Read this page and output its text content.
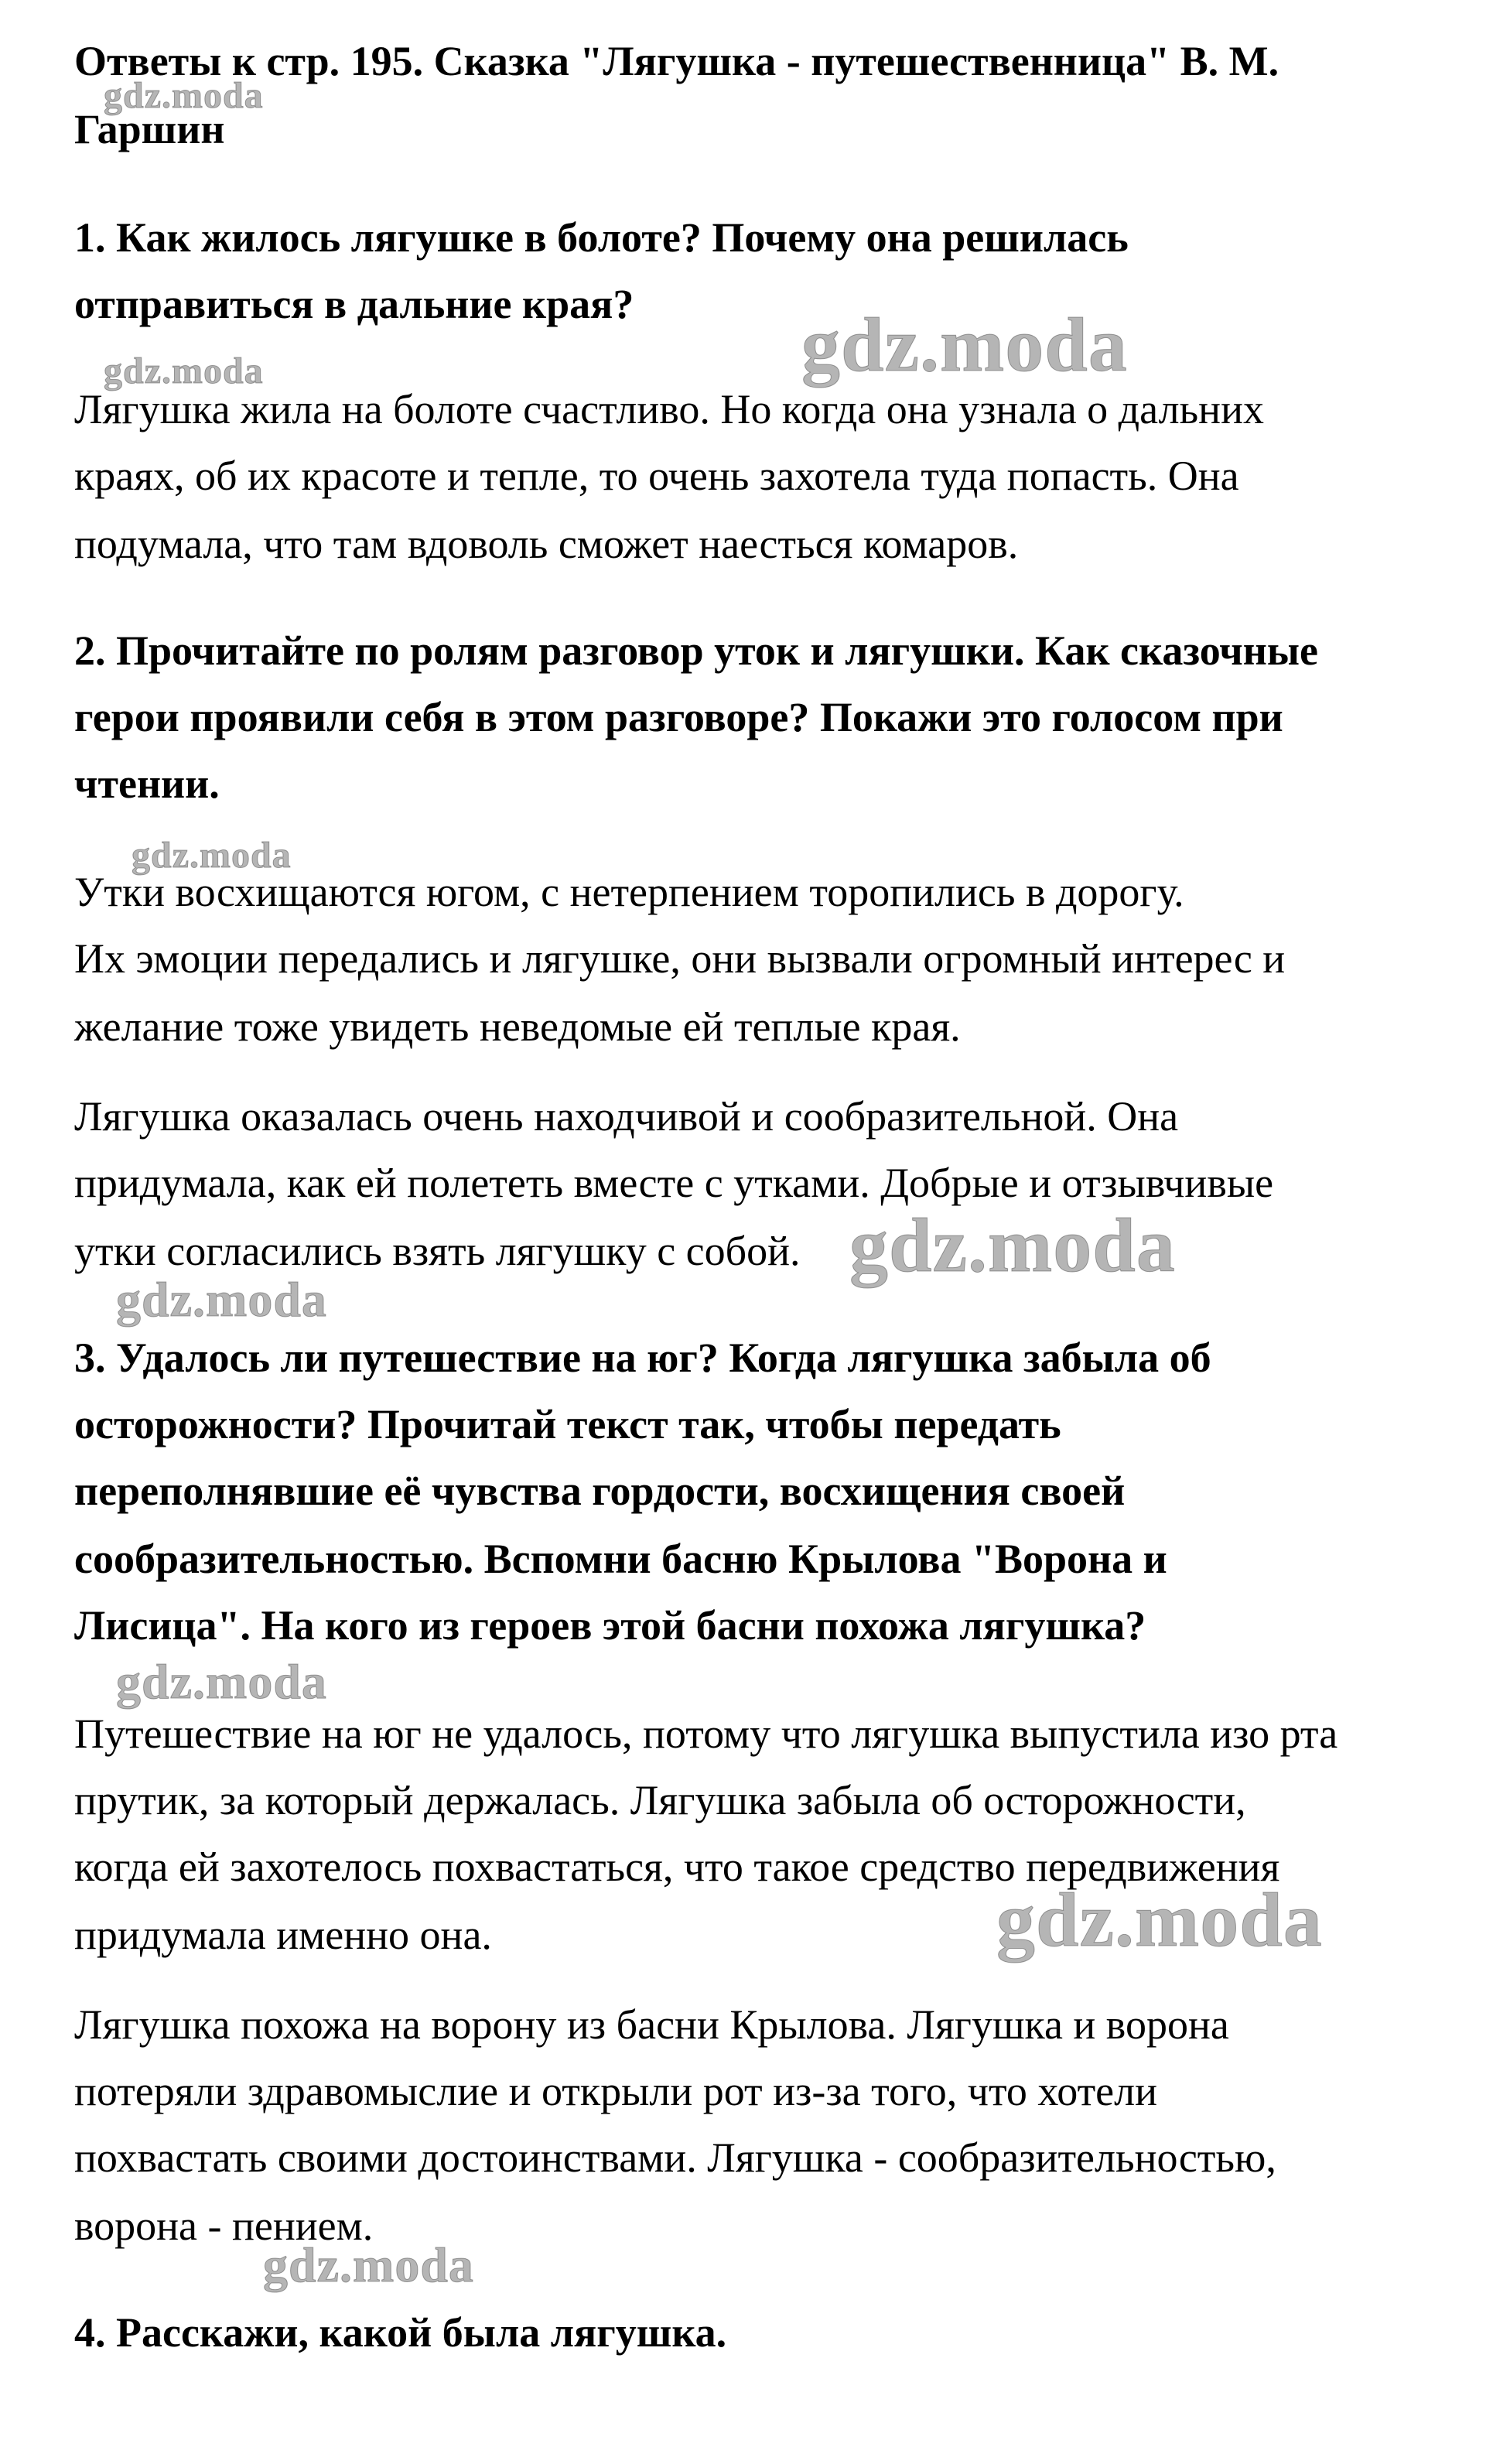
Ответы к стр. 195. Сказка "Лягушка - путешественница" В. М.
Гаршин
1. Как жилось лягушке в болоте? Почему она решилась
отправиться в дальние края?
Лягушка жила на болоте счастливо. Но когда она узнала о дальних
краях, об их красоте и тепле, то очень захотела туда попасть. Она
подумала, что там вдоволь сможет наесться комаров.
2. Прочитайте по ролям разговор уток и лягушки. Как сказочные
герои проявили себя в этом разговоре? Покажи это голосом при
чтении.
Утки восхищаются югом, с нетерпением торопились в дорогу.
Их эмоции передались и лягушке, они вызвали огромный интерес и
желание тоже увидеть неведомые ей теплые края.
Лягушка оказалась очень находчивой и сообразительной. Она
придумала, как ей полететь вместе с утками. Добрые и отзывчивые
утки согласились взять лягушку с собой.
3. Удалось ли путешествие на юг? Когда лягушка забыла об
осторожности? Прочитай текст так, чтобы передать
переполнявшие её чувства гордости, восхищения своей
сообразительностью. Вспомни басню Крылова "Ворона и
Лисица". На кого из героев этой басни похожа лягушка?
Путешествие на юг не удалось, потому что лягушка выпустила изо рта
прутик, за который держалась. Лягушка забыла об осторожности,
когда ей захотелось похвастаться, что такое средство передвижения
придумала именно она.
Лягушка похожа на ворону из басни Крылова. Лягушка и ворона
потеряли здравомыслие и открыли рот из-за того, что хотели
похвастать своими достоинствами. Лягушка - сообразительностью,
ворона - пением.
4. Расскажи, какой была лягушка.
gdz.moda
gdz.moda
gdz.moda
gdz.moda
gdz.moda
gdz.moda
gdz.moda
gdz.moda
gdz.moda
